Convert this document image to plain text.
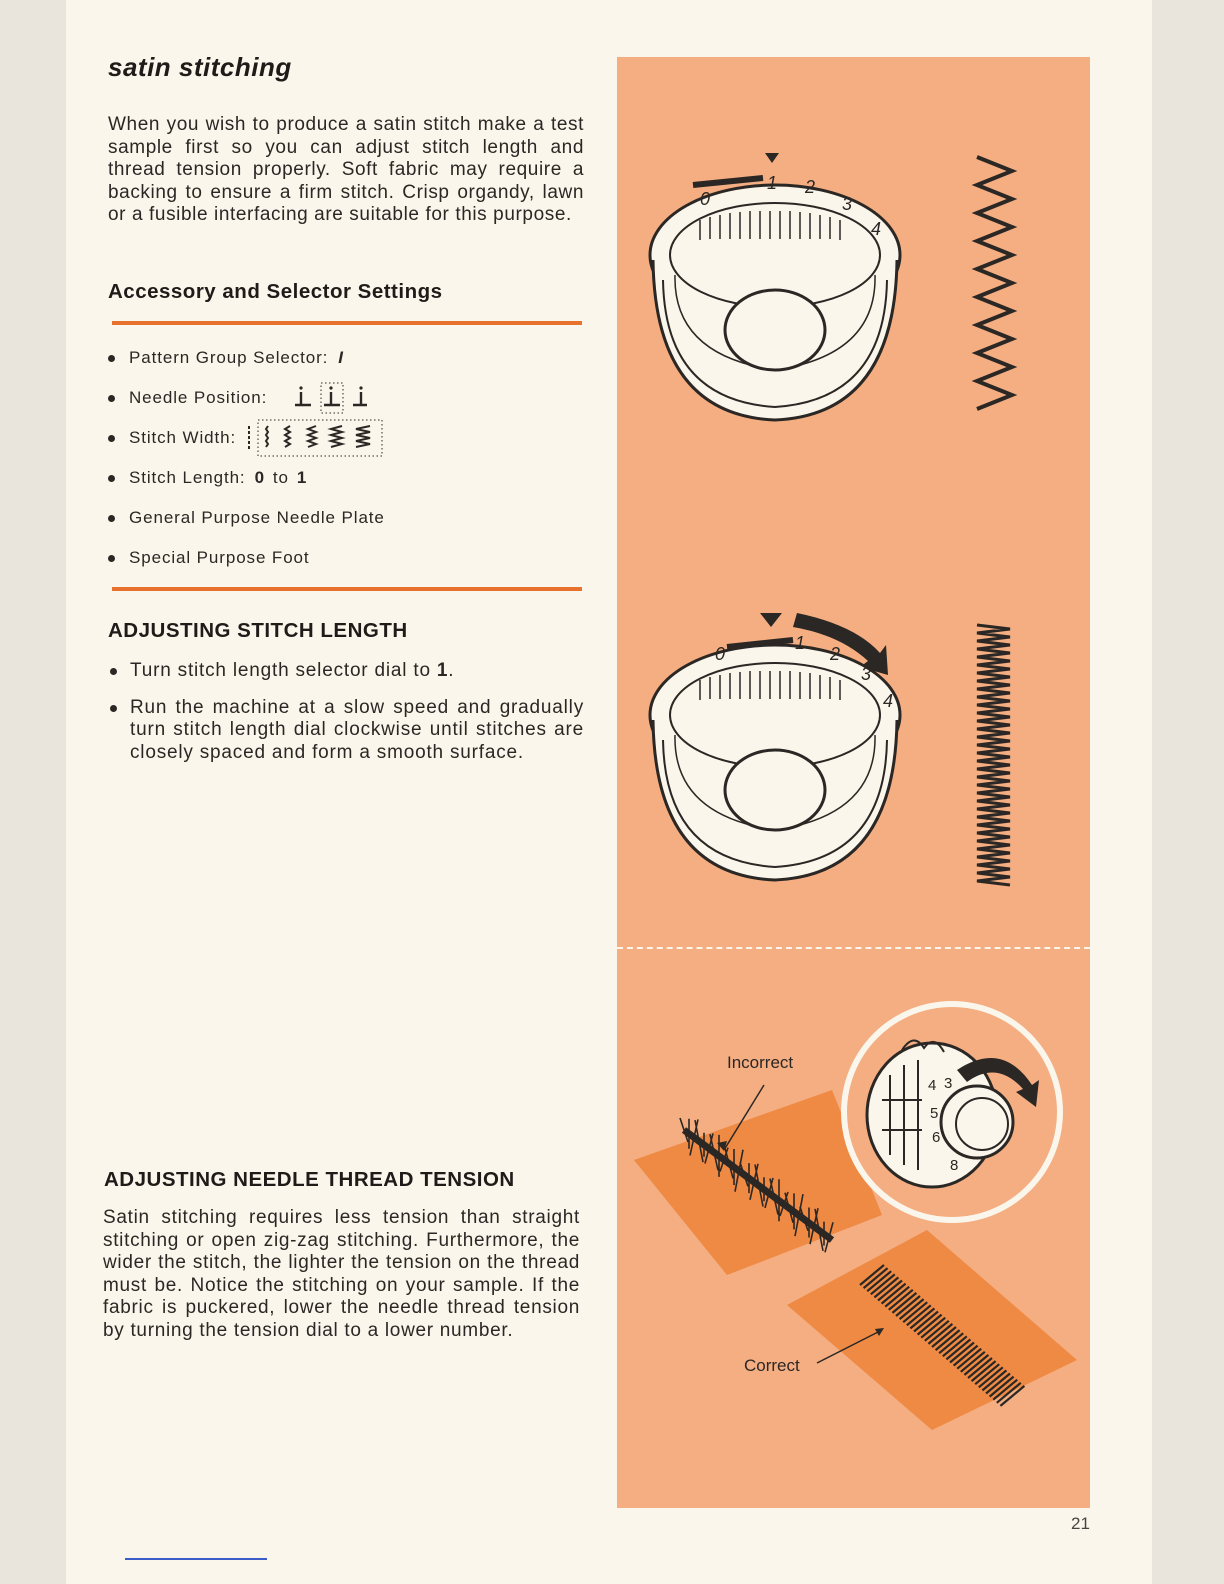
satin stitching

When you wish to produce a satin stitch make a test sample first so you can adjust stitch length and thread tension properly. Soft fabric may require a backing to ensure a firm stitch. Crisp organdy, lawn or a fusible interfacing are suitable for this purpose.

Accessory and Selector Settings
Pattern Group Selector: I
Needle Position:
Stitch Width:
Stitch Length: 0 to 1
General Purpose Needle Plate
Special Purpose Foot
ADJUSTING STITCH LENGTH
Turn stitch length selector dial to 1.
Run the machine at a slow speed and gradually turn stitch length dial clockwise until stitches are closely spaced and form a smooth surface.
ADJUSTING NEEDLE THREAD TENSION

Satin stitching requires less tension than straight stitching or open zig-zag stitching. Furthermore, the wider the stitch, the lighter the tension on the thread must be. Notice the stitching on your sample. If the fabric is puckered, lower the needle thread tension by turning the tension dial to a lower number.

0
1 2
3
4
0
1
2
3
4
4 3
5
6
8
Incorrect
Correct
21
